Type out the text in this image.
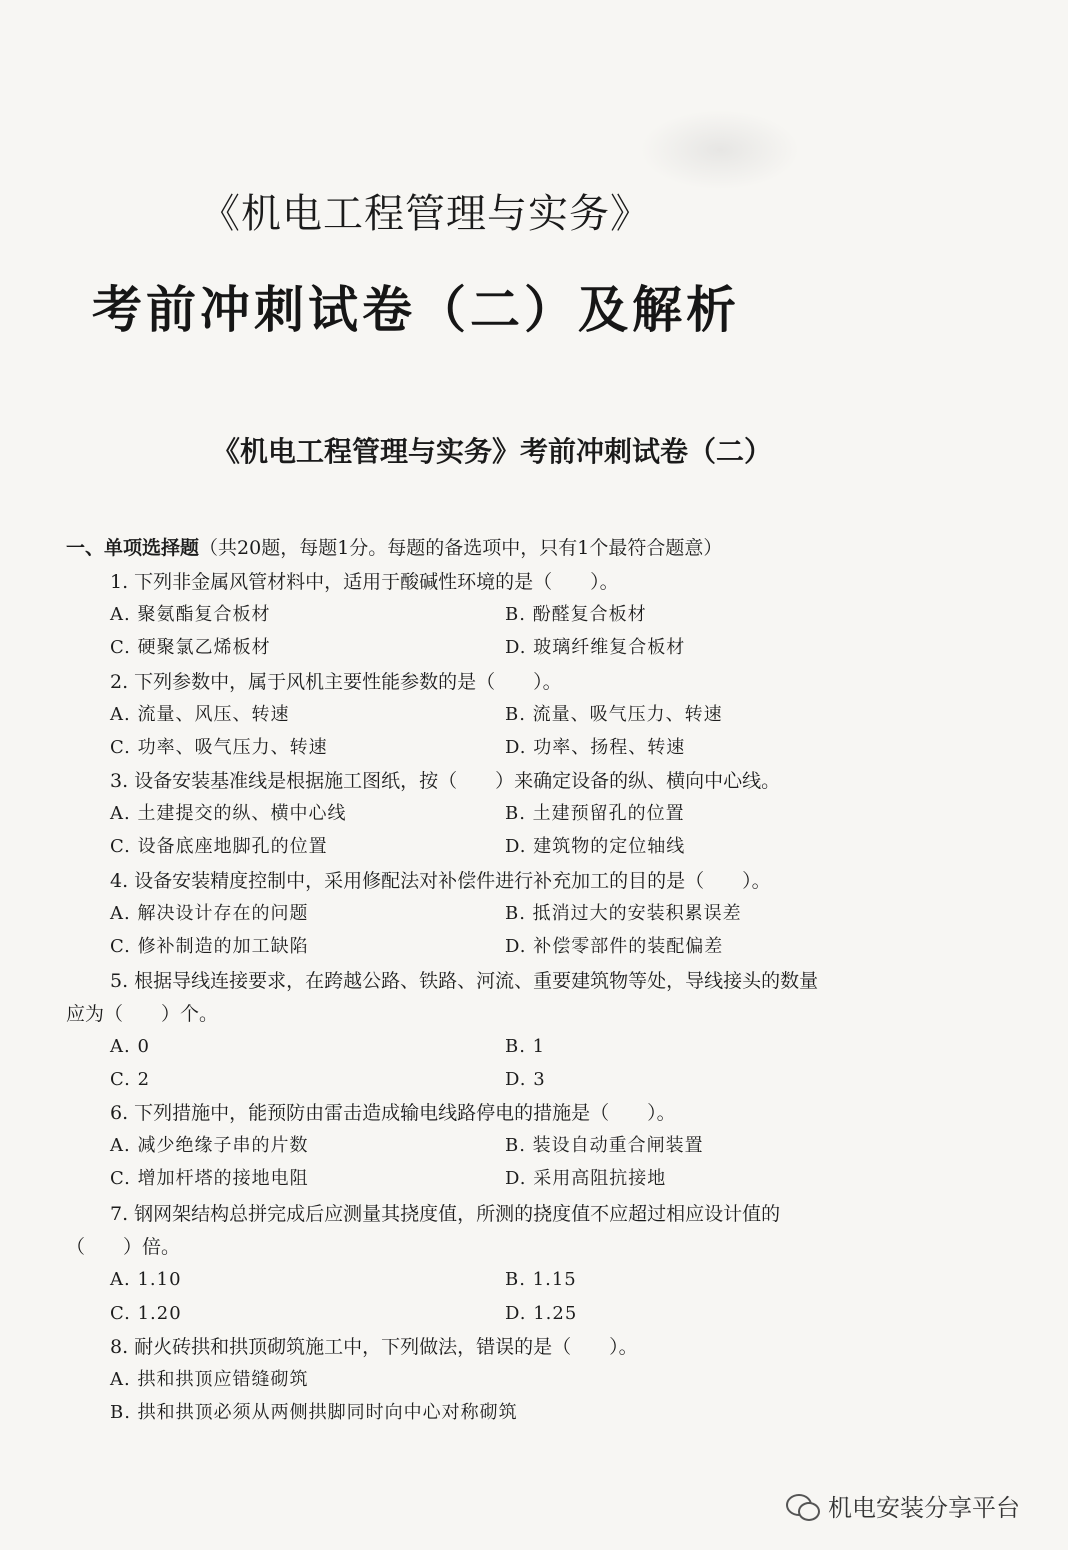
《机电工程管理与实务》
考前冲刺试卷（二）及解析
《机电工程管理与实务》考前冲刺试卷（二）
一、单项选择题（共20题，每题1分。每题的备选项中，只有1个最符合题意）
1. 下列非金属风管材料中，适用于酸碱性环境的是（　　）。
A. 聚氨酯复合板材	B. 酚醛复合板材
C. 硬聚氯乙烯板材	D. 玻璃纤维复合板材
2. 下列参数中，属于风机主要性能参数的是（　　）。
A. 流量、风压、转速	B. 流量、吸气压力、转速
C. 功率、吸气压力、转速	D. 功率、扬程、转速
3. 设备安装基准线是根据施工图纸，按（　　）来确定设备的纵、横向中心线。
A. 土建提交的纵、横中心线	B. 土建预留孔的位置
C. 设备底座地脚孔的位置	D. 建筑物的定位轴线
4. 设备安装精度控制中，采用修配法对补偿件进行补充加工的目的是（　　）。
A. 解决设计存在的问题	B. 抵消过大的安装积累误差
C. 修补制造的加工缺陷	D. 补偿零部件的装配偏差
5. 根据导线连接要求，在跨越公路、铁路、河流、重要建筑物等处，导线接头的数量
应为（　　）个。
A. 0	B. 1
C. 2	D. 3
6. 下列措施中，能预防由雷击造成输电线路停电的措施是（　　）。
A. 减少绝缘子串的片数	B. 装设自动重合闸装置
C. 增加杆塔的接地电阻	D. 采用高阻抗接地
7. 钢网架结构总拼完成后应测量其挠度值，所测的挠度值不应超过相应设计值的
（　　）倍。
A. 1.10	B. 1.15
C. 1.20	D. 1.25
8. 耐火砖拱和拱顶砌筑施工中，下列做法，错误的是（　　）。
A. 拱和拱顶应错缝砌筑
B. 拱和拱顶必须从两侧拱脚同时向中心对称砌筑
机电安装分享平台
